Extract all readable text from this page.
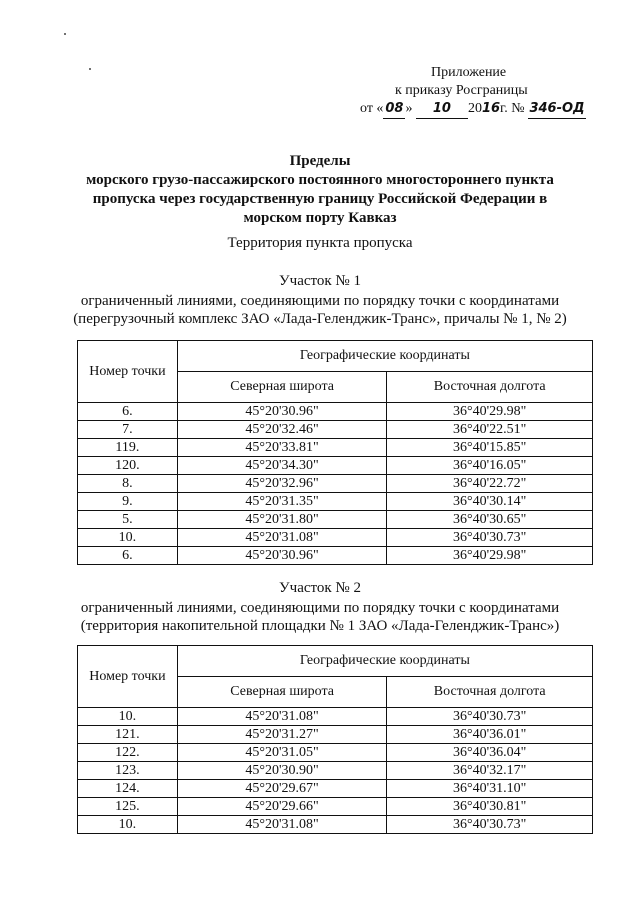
Приложение
к приказу Росграницы
от « 08 » 10 2016г. № 346-ОД
Пределы
морского грузо-пассажирского постоянного многостороннего пункта
пропуска через государственную границу Российской Федерации в
морском порту Кавказ
Территория пункта пропуска
Участок № 1
ограниченный линиями, соединяющими по порядку точки с координатами
(перегрузочный комплекс ЗАО «Лада-Геленджик-Транс», причалы № 1, № 2)
Номер точки	Географические координаты	
	Северная широта	Восточная долгота
6.	45°20'30.96"	36°40'29.98"
7.	45°20'32.46"	36°40'22.51"
119.	45°20'33.81"	36°40'15.85"
120.	45°20'34.30"	36°40'16.05"
8.	45°20'32.96"	36°40'22.72"
9.	45°20'31.35"	36°40'30.14"
5.	45°20'31.80"	36°40'30.65"
10.	45°20'31.08"	36°40'30.73"
6.	45°20'30.96"	36°40'29.98"
Участок № 2
ограниченный линиями, соединяющими по порядку точки с координатами
(территория накопительной площадки № 1 ЗАО «Лада-Геленджик-Транс»)
Номер точки	Географические координаты	
	Северная широта	Восточная долгота
10.	45°20'31.08"	36°40'30.73"
121.	45°20'31.27"	36°40'36.01"
122.	45°20'31.05"	36°40'36.04"
123.	45°20'30.90"	36°40'32.17"
124.	45°20'29.67"	36°40'31.10"
125.	45°20'29.66"	36°40'30.81"
10.	45°20'31.08"	36°40'30.73"
